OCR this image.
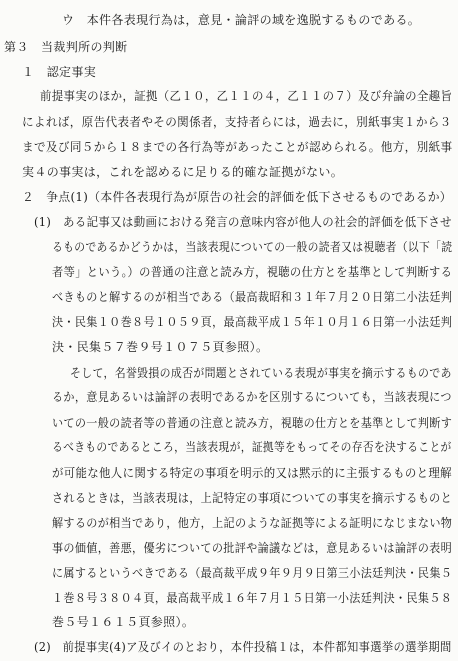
ウ　本件各表現行為は，意見・論評の域を逸脱するものである。
第３　当裁判所の判断
１　認定事実
前提事実のほか，証拠（乙１０，乙１１の４，乙１１の７）及び弁論の全趣旨
によれば，原告代表者やその関係者，支持者らには，過去に，別紙事実１から３
まで及び同５から１８までの各行為等があったことが認められる。他方，別紙事
実４の事実は，これを認めるに足りる的確な証拠がない。
２　争点(1)（本件各表現行為が原告の社会的評価を低下させるものであるか）
(1)　ある記事又は動画における発言の意味内容が他人の社会的評価を低下させ
るものであるかどうかは，当該表現についての一般の読者又は視聴者（以下「読
者等」という。）の普通の注意と読み方，視聴の仕方とを基準として判断する
べきものと解するのが相当である（最高裁昭和３１年７月２０日第二小法廷判
決・民集１０巻８号１０５９頁，最高裁平成１５年１０月１６日第一小法廷判
決・民集５７巻９号１０７５頁参照）。
そして，名誉毀損の成否が問題とされている表現が事実を摘示するものであ
るか，意見あるいは論評の表明であるかを区別するについても，当該表現につ
いての一般の読者等の普通の注意と読み方，視聴の仕方とを基準として判断す
るべきものであるところ，当該表現が，証拠等をもってその存否を決することが
が可能な他人に関する特定の事項を明示的又は黙示的に主張するものと理解
されるときは，当該表現は，上記特定の事項についての事実を摘示するものと
解するのが相当であり，他方，上記のような証拠等による証明になじまない物
事の価値，善悪，優劣についての批評や論議などは，意見あるいは論評の表明
に属するというべきである（最高裁平成９年９月９日第三小法廷判決・民集５
１巻８号３８０４頁，最高裁平成１６年７月１５日第一小法廷判決・民集５８
巻５号１６１５頁参照）。
(2)　前提事実(4)ア及びイのとおり，本件投稿１は，本件都知事選挙の選挙期間
